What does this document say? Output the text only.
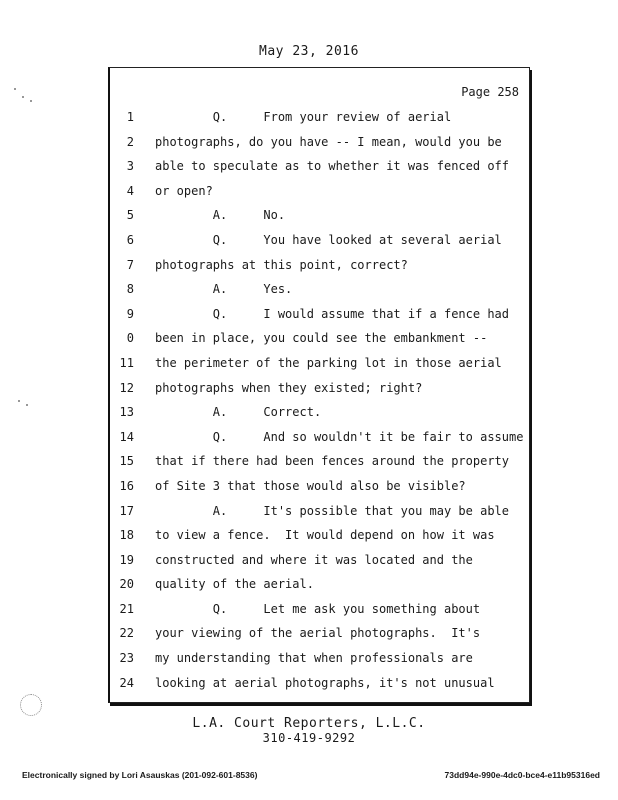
May 23, 2016
Page 258
1 Q.     From your review of aerial
2 photographs, do you have -- I mean, would you be
3 able to speculate as to whether it was fenced off
4 or open?
5 A.     No.
6 Q.     You have looked at several aerial
7 photographs at this point, correct?
8 A.     Yes.
9 Q.     I would assume that if a fence had
0 been in place, you could see the embankment --
11 the perimeter of the parking lot in those aerial
12 photographs when they existed; right?
13 A.     Correct.
14 Q.     And so wouldn't it be fair to assume
15 that if there had been fences around the property
16 of Site 3 that those would also be visible?
17 A.     It's possible that you may be able
18 to view a fence.  It would depend on how it was
19 constructed and where it was located and the
20 quality of the aerial.
21 Q.     Let me ask you something about
22 your viewing of the aerial photographs.  It's
23 my understanding that when professionals are
24 looking at aerial photographs, it's not unusual
L.A. Court Reporters, L.L.C.
310-419-9292
Electronically signed by Lori Asauskas (201-092-601-8536)	73dd94e-990e-4dc0-bce4-e11b95316ed
